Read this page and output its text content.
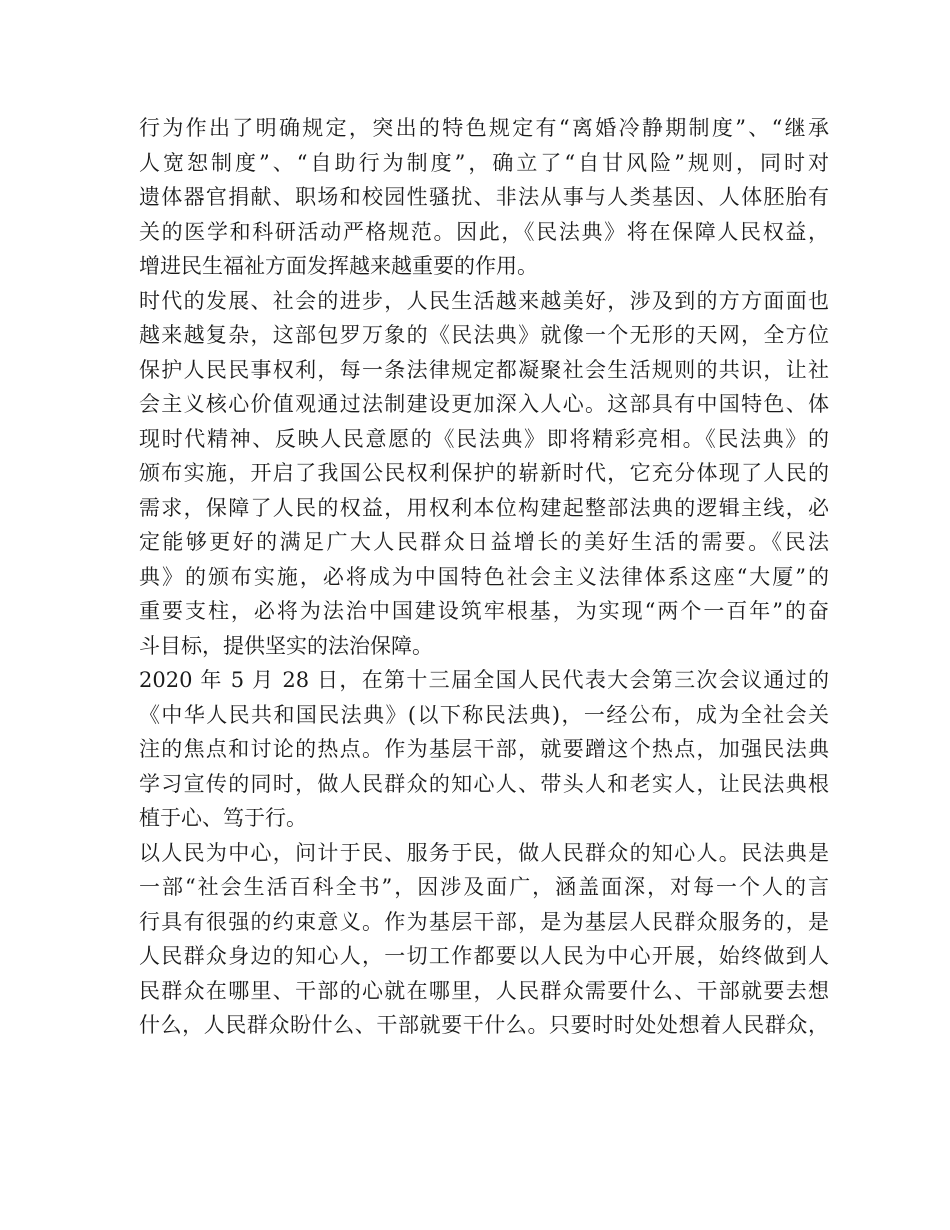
行为作出了明确规定，突出的特色规定有“离婚冷静期制度”、“继承
人宽恕制度”、“自助行为制度”，确立了“自甘风险”规则，同时对
遗体器官捐献、职场和校园性骚扰、非法从事与人类基因、人体胚胎有
关的医学和科研活动严格规范。因此，《民法典》将在保障人民权益，
增进民生福祉方面发挥越来越重要的作用。
时代的发展、社会的进步，人民生活越来越美好，涉及到的方方面面也
越来越复杂，这部包罗万象的《民法典》就像一个无形的天网，全方位
保护人民民事权利，每一条法律规定都凝聚社会生活规则的共识，让社
会主义核心价值观通过法制建设更加深入人心。这部具有中国特色、体
现时代精神、反映人民意愿的《民法典》即将精彩亮相。《民法典》的
颁布实施，开启了我国公民权利保护的崭新时代，它充分体现了人民的
需求，保障了人民的权益，用权利本位构建起整部法典的逻辑主线，必
定能够更好的满足广大人民群众日益增长的美好生活的需要。《民法
典》的颁布实施，必将成为中国特色社会主义法律体系这座“大厦”的
重要支柱，必将为法治中国建设筑牢根基，为实现“两个一百年”的奋
斗目标，提供坚实的法治保障。
2020 年 5 月 28 日，在第十三届全国人民代表大会第三次会议通过的
《中华人民共和国民法典》(以下称民法典)，一经公布，成为全社会关
注的焦点和讨论的热点。作为基层干部，就要蹭这个热点，加强民法典
学习宣传的同时，做人民群众的知心人、带头人和老实人，让民法典根
植于心、笃于行。
以人民为中心，问计于民、服务于民，做人民群众的知心人。民法典是
一部“社会生活百科全书”，因涉及面广，涵盖面深，对每一个人的言
行具有很强的约束意义。作为基层干部，是为基层人民群众服务的，是
人民群众身边的知心人，一切工作都要以人民为中心开展，始终做到人
民群众在哪里、干部的心就在哪里，人民群众需要什么、干部就要去想
什么，人民群众盼什么、干部就要干什么。只要时时处处想着人民群众，
